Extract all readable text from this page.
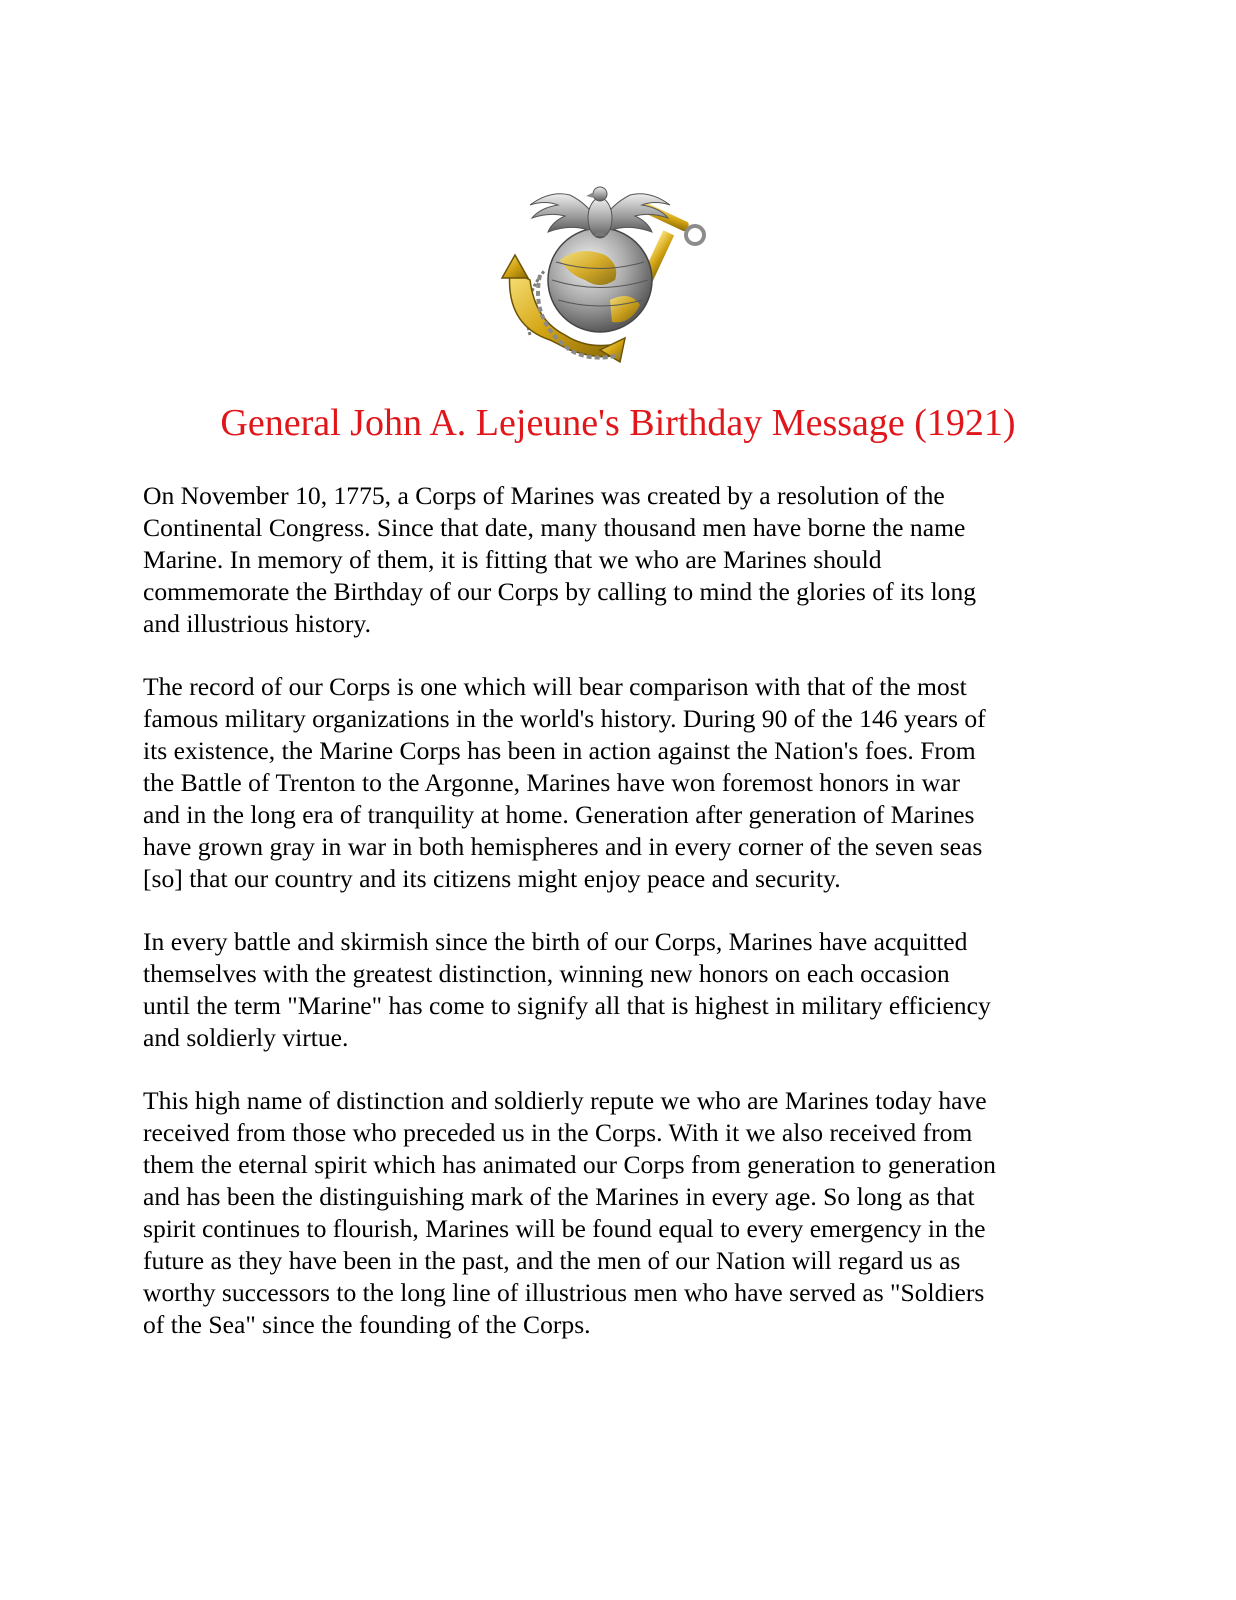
General John A. Lejeune's Birthday Message (1921)

On November 10, 1775, a Corps of Marines was created by a resolution of the
Continental Congress. Since that date, many thousand men have borne the name
Marine. In memory of them, it is fitting that we who are Marines should
commemorate the Birthday of our Corps by calling to mind the glories of its long
and illustrious history.

The record of our Corps is one which will bear comparison with that of the most
famous military organizations in the world's history. During 90 of the 146 years of
its existence, the Marine Corps has been in action against the Nation's foes. From
the Battle of Trenton to the Argonne, Marines have won foremost honors in war
and in the long era of tranquility at home. Generation after generation of Marines
have grown gray in war in both hemispheres and in every corner of the seven seas
[so] that our country and its citizens might enjoy peace and security.

In every battle and skirmish since the birth of our Corps, Marines have acquitted
themselves with the greatest distinction, winning new honors on each occasion
until the term "Marine" has come to signify all that is highest in military efficiency
and soldierly virtue.

This high name of distinction and soldierly repute we who are Marines today have
received from those who preceded us in the Corps. With it we also received from
them the eternal spirit which has animated our Corps from generation to generation
and has been the distinguishing mark of the Marines in every age. So long as that
spirit continues to flourish, Marines will be found equal to every emergency in the
future as they have been in the past, and the men of our Nation will regard us as
worthy successors to the long line of illustrious men who have served as "Soldiers
of the Sea" since the founding of the Corps.
